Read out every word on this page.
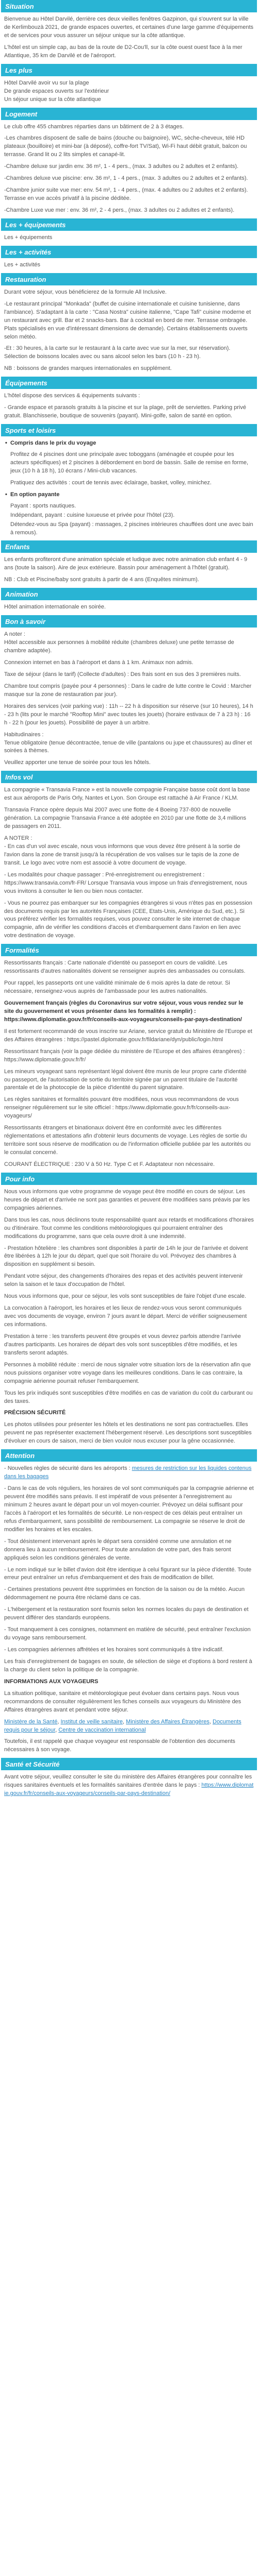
Situation

Bienvenue au Hôtel Darvilé, derrière ces deux vieilles fenêtres Gazpinon, qui s'ouvrent sur la ville de Kerlimbouzà 2021, de grande espaces ouvertes, et certaines d'une large gamme d'équipements et de services pour vous assurer un séjour unique sur la côte atlantique.

L'hôtel est un simple cap, au bas de la route de D2-Cou'll, sur la côte ouest ouest face à la mer Atlantique, 35 km de Darvilé et de l'aéroport.

Les plus

Hôtel Darvilé avoir vu sur la plage

De grande espaces ouverts sur l'extérieur

Un séjour unique sur la côte atlantique

Logement

Le club offre 455 chambres réparties dans un bâtiment de 2 à 3 étages.

-Les chambres disposent de salle de bains (douche ou baignoire), WC, sèche-cheveux, télé HD plateaux (bouilloire) et mini-bar (à déposé), coffre-fort TV/Sat), Wi-Fi haut débit gratuit, balcon ou terrasse. Grand lit ou 2 lits simples et canapé-lit.

-Chambre deluxe sur jardin env. 36 m², 1 - 4 pers., (max. 3 adultes ou 2 adultes et 2 enfants).

-Chambres deluxe vue piscine: env. 36 m², 1 - 4 pers., (max. 3 adultes ou 2 adultes et 2 enfants).

-Chambre junior suite vue mer: env. 54 m², 1 - 4 pers., (max. 4 adultes ou 2 adultes et 2 enfants). Terrasse en vue accès privatif à la piscine déditée.

-Chambre Luxe vue mer : env. 36 m², 2 - 4 pers., (max. 3 adultes ou 2 adultes et 2 enfants).

Les + équipements

Les + équipements

Les + activités

Les + activités

Restauration

Durant votre séjour, vous bénéficierez de la formule All Inclusive.

-Le restaurant principal "Monkada" (buffet de cuisine internationale et cuisine tunisienne, dans l'ambiance). S'adaptant à la carte : "Casa Nostra" cuisine italienne, "Cape Tafi" cuisine moderne et un restaurant avec grill. Bar et 2 snacks-bars. Bar à cocktail en bord de mer. Terrasse ombragée. Plats spécialisés en vue d'intéressant dimensions de demande). Certains établissements ouverts selon météo.

-Et : 30 heures, à la carte sur le restaurant à la carte avec vue sur la mer, sur réservation). Sélection de boissons locales avec ou sans alcool selon les bars (10 h - 23 h).

NB : boissons de grandes marques internationales en supplément.

Équipements

L'hôtel dispose des services & équipements suivants :

- Grande espace et parasols gratuits à la piscine et sur la plage, prêt de serviettes. Parking privé gratuit. Blanchisserie, boutique de souvenirs (payant). Mini-golfe, salon de santé en option.

Sports et loisirs
• Compris dans le prix du voyage

Profitez de 4 piscines dont une principale avec toboggans (aménagée et coupée pour les acteurs spécifiques) et 2 piscines à débordement en bord de bassin. Salle de remise en forme, jeux (10 h à 18 h), 10 écrans / Mini-club vacances.

Pratiquez des activités : court de tennis avec éclairage, basket, volley, minichez.

• En option payante

Payant : sports nautiques.

Indépendant, payant : cuisine luxueuse et privée pour l'hôtel (23).

Détendez-vous au Spa (payant) : massages, 2 piscines intérieures chauffées dont une avec bain à remous).

Enfants

Les enfants profiteront d'une animation spéciale et ludique avec notre animation club enfant 4 - 9 ans (toute la saison). Aire de jeux extérieure. Bassin pour aménagement à l'hôtel (gratuit).

NB : Club et Piscine/baby sont gratuits à partir de 4 ans (Enquêtes minimum).

Animation

Hôtel animation internationale en soirée.

Bon à savoir

A noter :

Hôtel accessible aux personnes à mobilité réduite (chambres deluxe) une petite terrasse de chambre adaptée).

Connexion internet en bas à l'aéroport et dans à 1 km. Animaux non admis.

Taxe de séjour (dans le tarif) (Collecte d'adultes) : Des frais sont en sus des 3 premières nuits.

Chambre tout compris (payée pour 4 personnes) : Dans le cadre de lutte contre le Covid : Marcher masque sur la zone de restauration par jour).

Horaires des services (voir parking vue) : 11h -- 22 h à disposition sur réserve (sur 10 heures), 14 h - 23 h (lits pour le marché "Rooftop Mini" avec toutes les jouets) (horaire estivaux de 7 à 23 h) : 16 h - 22 h (pour les jouets). Possibilité de payer à un arbitre.

Habitudinaires :

Tenue obligatoire (tenue décontractée, tenue de ville (pantalons ou jupe et chaussures) au dîner et soirées à thèmes.

Veuillez apporter une tenue de soirée pour tous les hôtels.

Infos vol

La compagnie « Transavia France » est la nouvelle compagnie Française basse coût dont la base est aux aéroports de Paris Orly, Nantes et Lyon. Son Groupe est rattaché à Air France / KLM.

Transavia France opère depuis Mai 2007 avec une flotte de 4 Boeing 737-800 de nouvelle génération. La compagnie Transavia France a été adoptée en 2010 par une flotte de 3,4 millions de passagers en 2011.

A NOTER :

- En cas d'un vol avec escale, nous vous informons que vous devez être présent à la sortie de l'avion dans la zone de transit jusqu'à la récupération de vos valises sur le tapis de la zone de transit. Le logo avec votre nom est associé à votre document de voyage.

- Les modalités pour chaque passager : Pré-enregistrement ou enregistrement : https://www.transavia.com/fr-FR/ Lorsque Transavia vous impose un frais d'enregistrement, nous vous invitons à consulter le lien ou bien nous contacter.

- Vous ne pourrez pas embarquer sur les compagnies étrangères si vous n'êtes pas en possession des documents requis par les autorités Françaises (CEE, Etats-Unis, Amérique du Sud, etc.). Si vous préférez vérifier les formalités requises, vous pouvez consulter le site internet de chaque compagnie, afin de vérifier les conditions d'accès et d'embarquement dans l'avion en lien avec votre destination de voyage.

Formalités

Ressortissants français : Carte nationale d'identité ou passeport en cours de validité. Les ressortissants d'autres nationalités doivent se renseigner auprès des ambassades ou consulats.

Pour rappel, les passeports ont une validité minimale de 6 mois après la date de retour. Si nécessaire, renseignez-vous auprès de l'ambassade pour les autres nationalités.

Gouvernement français (règles du Coronavirus sur votre séjour, vous vous rendez sur le site du gouvernement et vous présenter dans les formalités à remplir) : https://www.diplomatie.gouv.fr/fr/conseils-aux-voyageurs/conseils-par-pays-destination/

Il est fortement recommandé de vous inscrire sur Ariane, service gratuit du Ministère de l'Europe et des Affaires étrangères : https://pastel.diplomatie.gouv.fr/fildariane/dyn/public/login.html

Ressortissant français (voir la page dédiée du ministère de l'Europe et des affaires étrangères) : https://www.diplomatie.gouv.fr/fr/

Les mineurs voyageant sans représentant légal doivent être munis de leur propre carte d'identité ou passeport, de l'autorisation de sortie du territoire signée par un parent titulaire de l'autorité parentale et de la photocopie de la pièce d'identité du parent signataire.

Les règles sanitaires et formalités pouvant être modifiées, nous vous recommandons de vous renseigner régulièrement sur le site officiel : https://www.diplomatie.gouv.fr/fr/conseils-aux-voyageurs/

Ressortissants étrangers et binationaux doivent être en conformité avec les différentes réglementations et attestations afin d'obtenir leurs documents de voyage. Les règles de sortie du territoire sont sous réserve de modification ou de l'information officielle publiée par les autorités ou le consulat concerné.

COURANT ÉLECTRIQUE : 230 V à 50 Hz. Type C et F. Adaptateur non nécessaire.

Pour info

Nous vous informons que votre programme de voyage peut être modifié en cours de séjour. Les heures de départ et d'arrivée ne sont pas garanties et peuvent être modifiées sans préavis par les compagnies aériennes.

Dans tous les cas, nous déclinons toute responsabilité quant aux retards et modifications d'horaires ou d'itinéraire. Tout comme les conditions météorologiques qui pourraient entraîner des modifications du programme, sans que cela ouvre droit à une indemnité.

- Prestation hôtelière : les chambres sont disponibles à partir de 14h le jour de l'arrivée et doivent être libérées à 12h le jour du départ, quel que soit l'horaire du vol. Prévoyez des chambres à disposition en supplément si besoin.

Pendant votre séjour, des changements d'horaires des repas et des activités peuvent intervenir selon la saison et le taux d'occupation de l'hôtel.

Nous vous informons que, pour ce séjour, les vols sont susceptibles de faire l'objet d'une escale.

La convocation à l'aéroport, les horaires et les lieux de rendez-vous vous seront communiqués avec vos documents de voyage, environ 7 jours avant le départ. Merci de vérifier soigneusement ces informations.

Prestation à terre : les transferts peuvent être groupés et vous devrez parfois attendre l'arrivée d'autres participants. Les horaires de départ des vols sont susceptibles d'être modifiés, et les transferts seront adaptés.

Personnes à mobilité réduite : merci de nous signaler votre situation lors de la réservation afin que nous puissions organiser votre voyage dans les meilleures conditions. Dans le cas contraire, la compagnie aérienne pourrait refuser l'embarquement.

Tous les prix indiqués sont susceptibles d'être modifiés en cas de variation du coût du carburant ou des taxes.

PRÉCISION SÉCURITÉ

Les photos utilisées pour présenter les hôtels et les destinations ne sont pas contractuelles. Elles peuvent ne pas représenter exactement l'hébergement réservé. Les descriptions sont susceptibles d'évoluer en cours de saison, merci de bien vouloir nous excuser pour la gêne occasionnée.

Attention

- Nouvelles règles de sécurité dans les aéroports : mesures de restriction sur les liquides contenus dans les bagages

- Dans le cas de vols réguliers, les horaires de vol sont communiqués par la compagnie aérienne et peuvent être modifiés sans préavis. Il est impératif de vous présenter à l'enregistrement au minimum 2 heures avant le départ pour un vol moyen-courrier. Prévoyez un délai suffisant pour l'accès à l'aéroport et les formalités de sécurité. Le non-respect de ces délais peut entraîner un refus d'embarquement, sans possibilité de remboursement. La compagnie se réserve le droit de modifier les horaires et les escales.

- Tout désistement intervenant après le départ sera considéré comme une annulation et ne donnera lieu à aucun remboursement. Pour toute annulation de votre part, des frais seront appliqués selon les conditions générales de vente.

- Le nom indiqué sur le billet d'avion doit être identique à celui figurant sur la pièce d'identité. Toute erreur peut entraîner un refus d'embarquement et des frais de modification de billet.

- Certaines prestations peuvent être supprimées en fonction de la saison ou de la météo. Aucun dédommagement ne pourra être réclamé dans ce cas.

- L'hébergement et la restauration sont fournis selon les normes locales du pays de destination et peuvent différer des standards européens.

- Tout manquement à ces consignes, notamment en matière de sécurité, peut entraîner l'exclusion du voyage sans remboursement.

- Les compagnies aériennes affrétées et les horaires sont communiqués à titre indicatif.

Les frais d'enregistrement de bagages en soute, de sélection de siège et d'options à bord restent à la charge du client selon la politique de la compagnie.

INFORMATIONS AUX VOYAGEURS

La situation politique, sanitaire et météorologique peut évoluer dans certains pays. Nous vous recommandons de consulter régulièrement les fiches conseils aux voyageurs du Ministère des Affaires étrangères avant et pendant votre séjour.

Ministère de la Santé, Institut de veille sanitaire, Ministère des Affaires Étrangères, Documents requis pour le séjour, Centre de vaccination international

Toutefois, il est rappelé que chaque voyageur est responsable de l'obtention des documents nécessaires à son voyage.

Santé et Sécurité

Avant votre séjour, veuillez consulter le site du ministère des Affaires étrangères pour connaître les risques sanitaires éventuels et les formalités sanitaires d'entrée dans le pays : https://www.diplomatie.gouv.fr/fr/conseils-aux-voyageurs/conseils-par-pays-destination/
